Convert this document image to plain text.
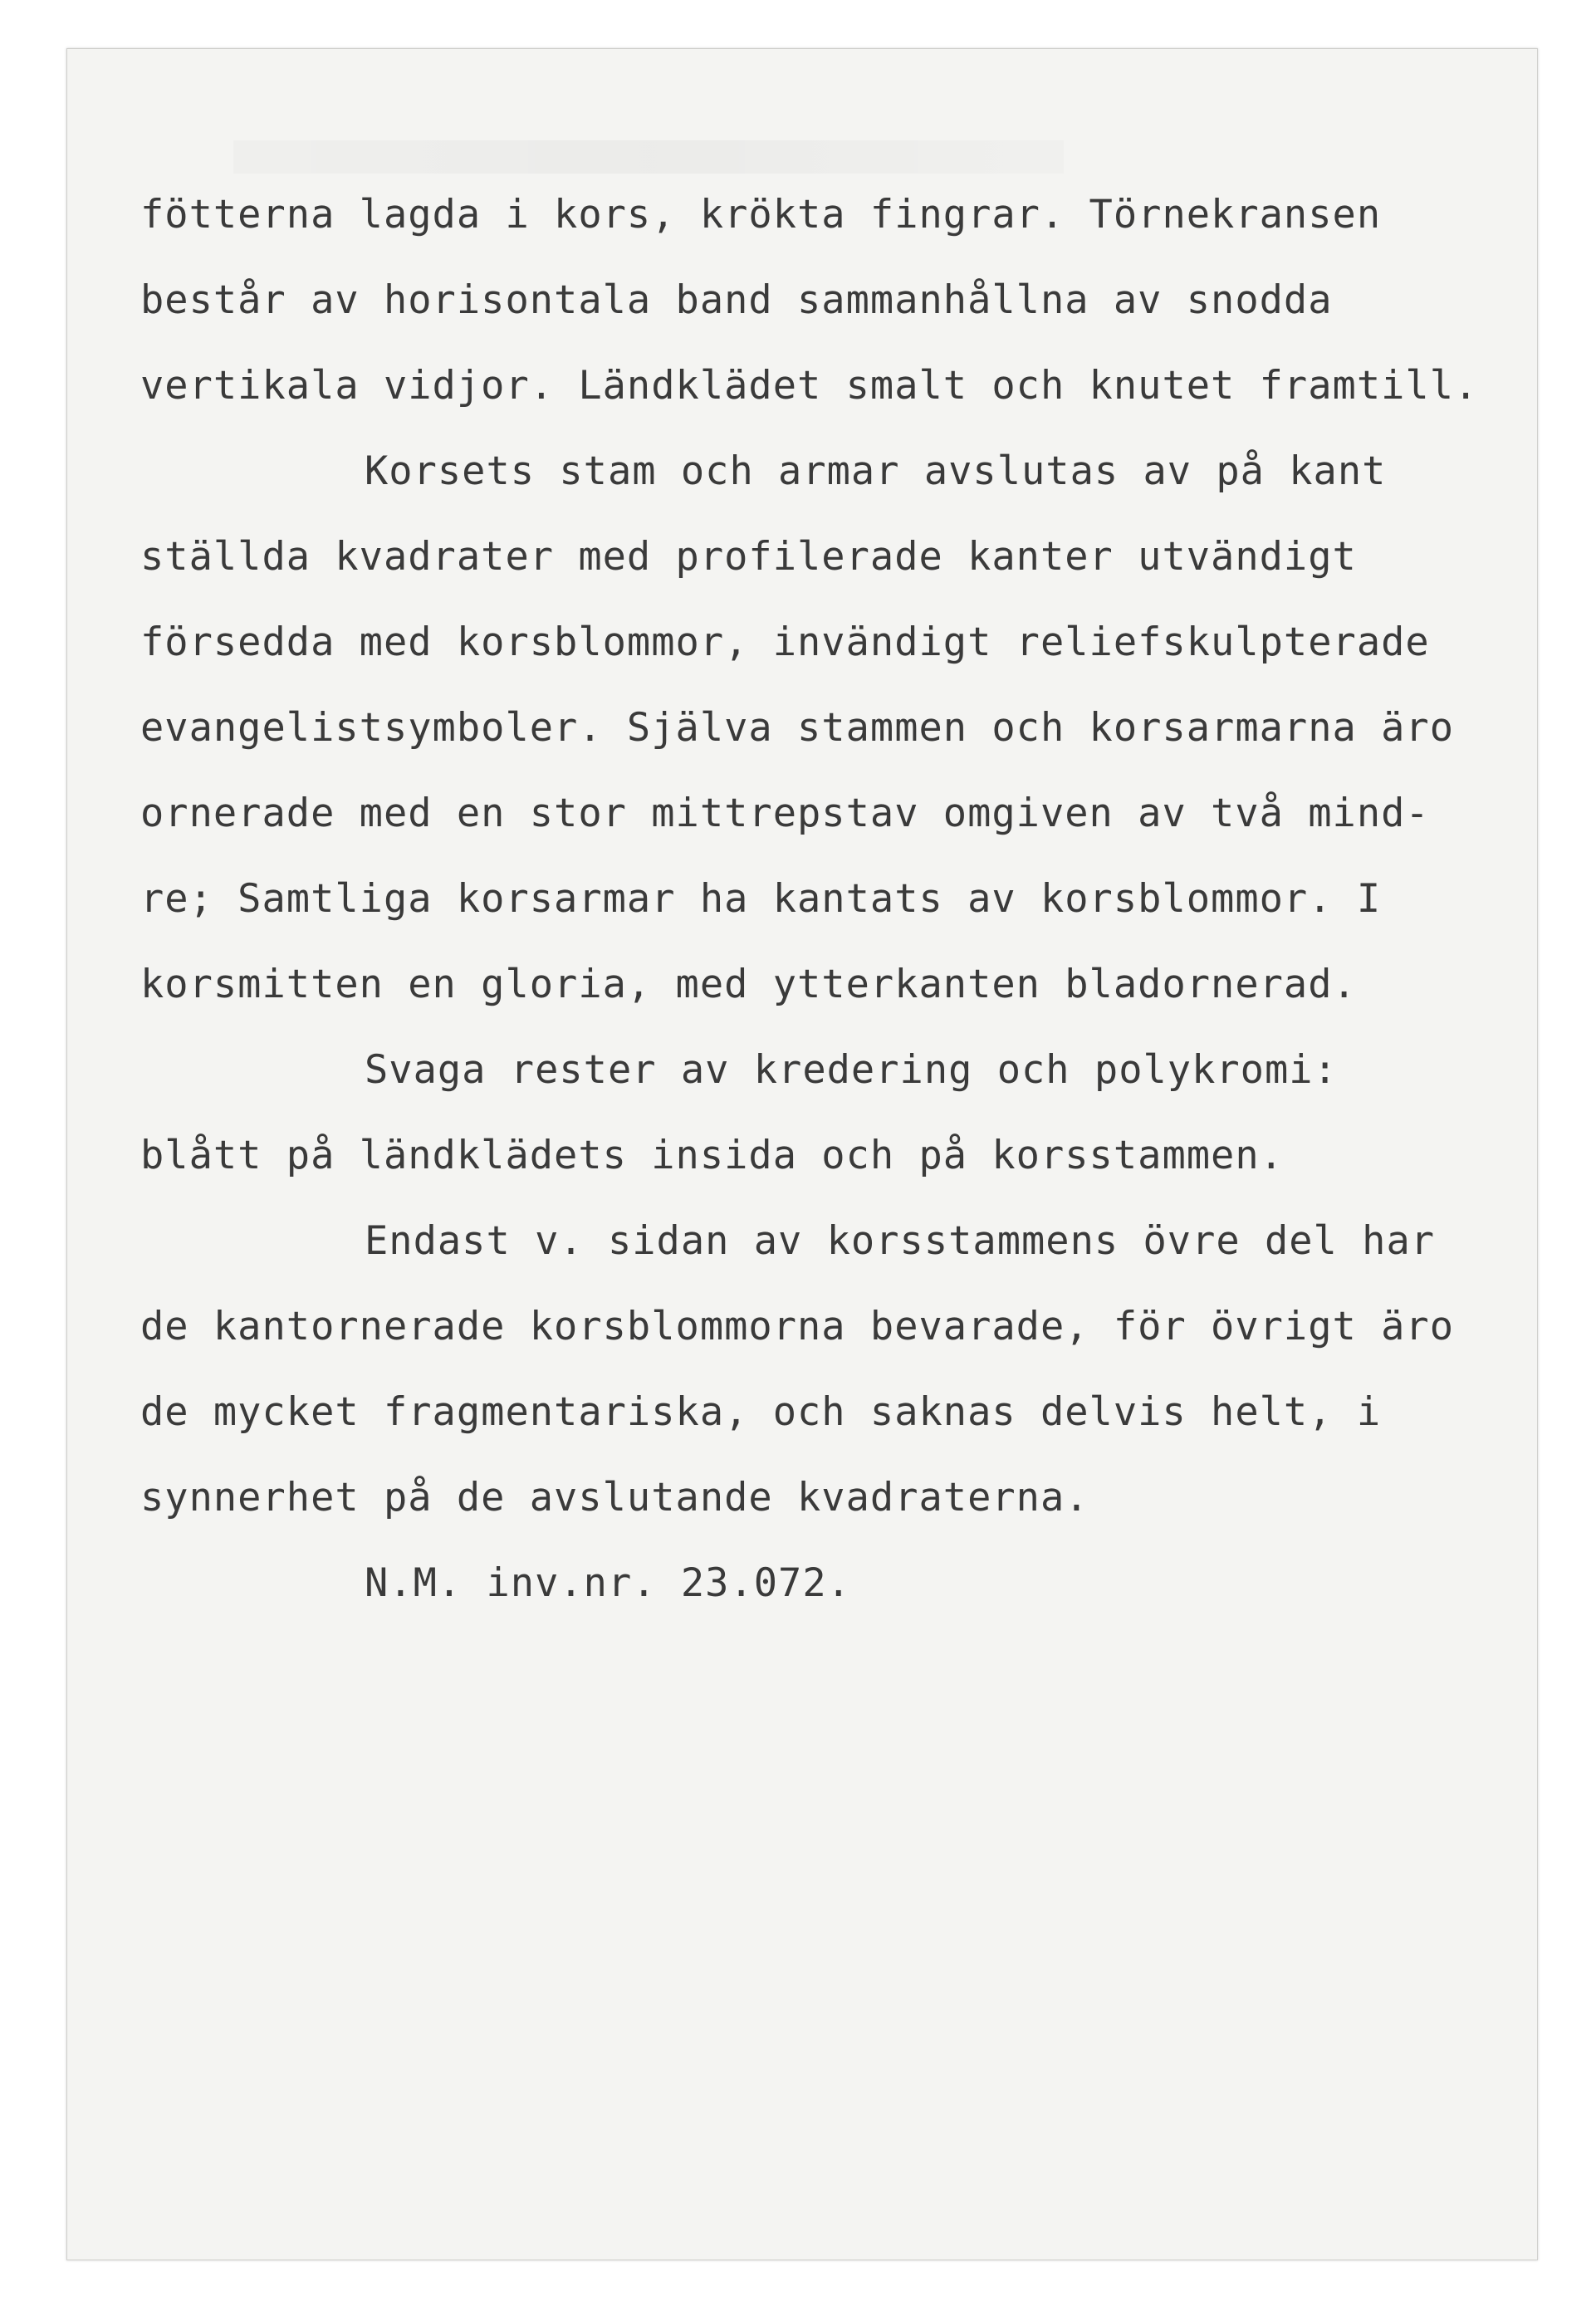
fötterna lagda i kors, krökta fingrar. Törnekransen
består av horisontala band sammanhållna av snodda
vertikala vidjor. Ländklädet smalt och knutet framtill.
Korsets stam och armar avslutas av på kant
ställda kvadrater med profilerade kanter utvändigt
försedda med korsblommor, invändigt reliefskulpterade
evangelistsymboler. Själva stammen och korsarmarna äro
ornerade med en stor mittrepstav omgiven av två mind-
re; Samtliga korsarmar ha kantats av korsblommor. I
korsmitten en gloria, med ytterkanten bladornerad.
Svaga rester av kredering och polykromi:
blått på ländklädets insida och på korsstammen.
Endast v. sidan av korsstammens övre del har
de kantornerade korsblommorna bevarade, för övrigt äro
de mycket fragmentariska, och saknas delvis helt, i
synnerhet på de avslutande kvadraterna.
N.M. inv.nr. 23.072.
